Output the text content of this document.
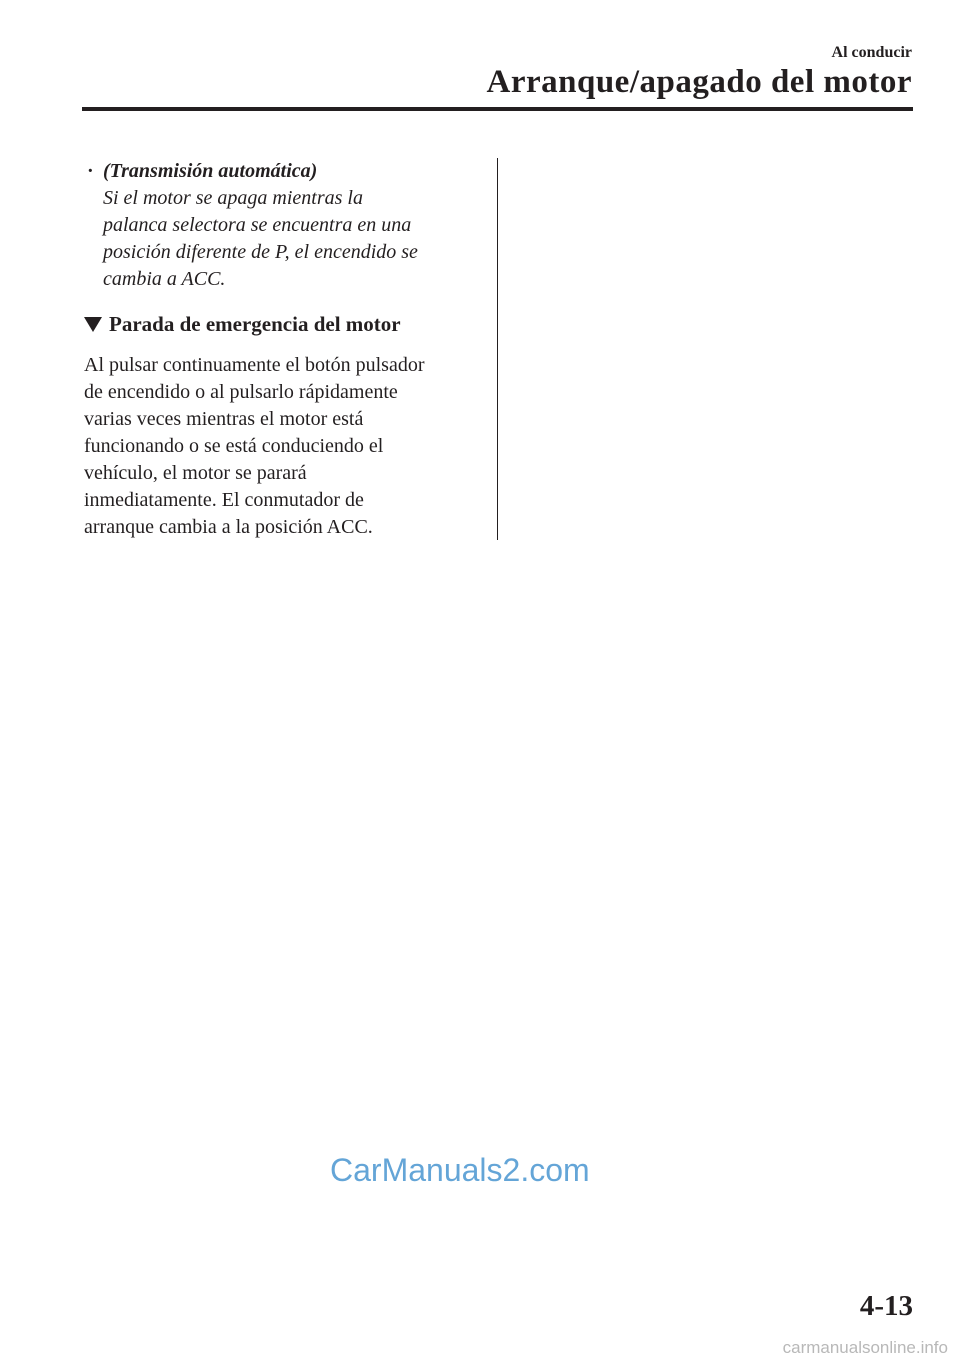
Al conducir
Arranque/apagado del motor
· (Transmisión automática)
Si el motor se apaga mientras la
palanca selectora se encuentra en una
posición diferente de P, el encendido se
cambia a ACC.
Parada de emergencia del motor
Al pulsar continuamente el botón pulsador
de encendido o al pulsarlo rápidamente
varias veces mientras el motor está
funcionando o se está conduciendo el
vehículo, el motor se parará
inmediatamente. El conmutador de
arranque cambia a la posición ACC.
CarManuals2.com
4-13
carmanualsonline.info
